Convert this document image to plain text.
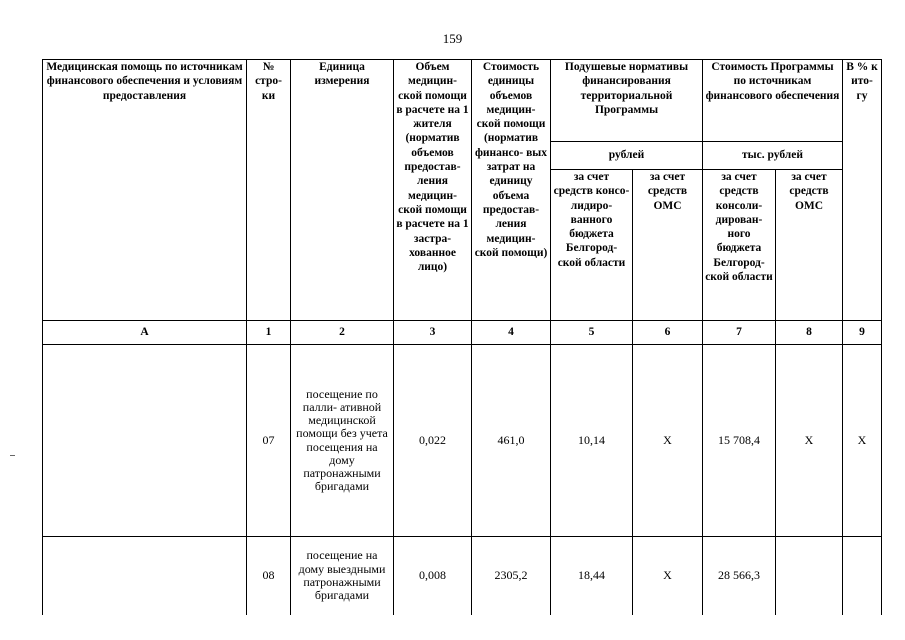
159
Медицинская помощь по источникам финансового обеспечения и условиям предоставления	№ стро- ки	Единица измерения	Объем медицин- ской помощи в расчете на 1 жителя (норматив объемов предостав- ления медицин- ской помощи в расчете на 1 застра- хованное лицо)	Стоимость единицы объемов медицин- ской помощи (норматив финансо- вых затрат на единицу объема предостав- ления медицин- ской помощи)	Подушевые нормативы финансирования территориальной Программы		Стоимость Программы по источникам финансового обеспечения		В % к ито- гу
					рублей		тыс. рублей		
					за счет средств консо- лидиро- ванного бюджета Белгород- ской области	за счет средств ОМС	за счет средств консоли- дирован- ного бюджета Белгород- ской области	за счет средств ОМС	
А	1	2	3	4	5	6	7	8	9
	07	посещение по палли- ативной медицинской помощи без учета посещения на дому патронажными бригадами	0,022	461,0	10,14	Х	15 708,4	Х	Х
	08	посещение на дому выездными патронажными бригадами	0,008	2305,2	18,44	Х	28 566,3		
